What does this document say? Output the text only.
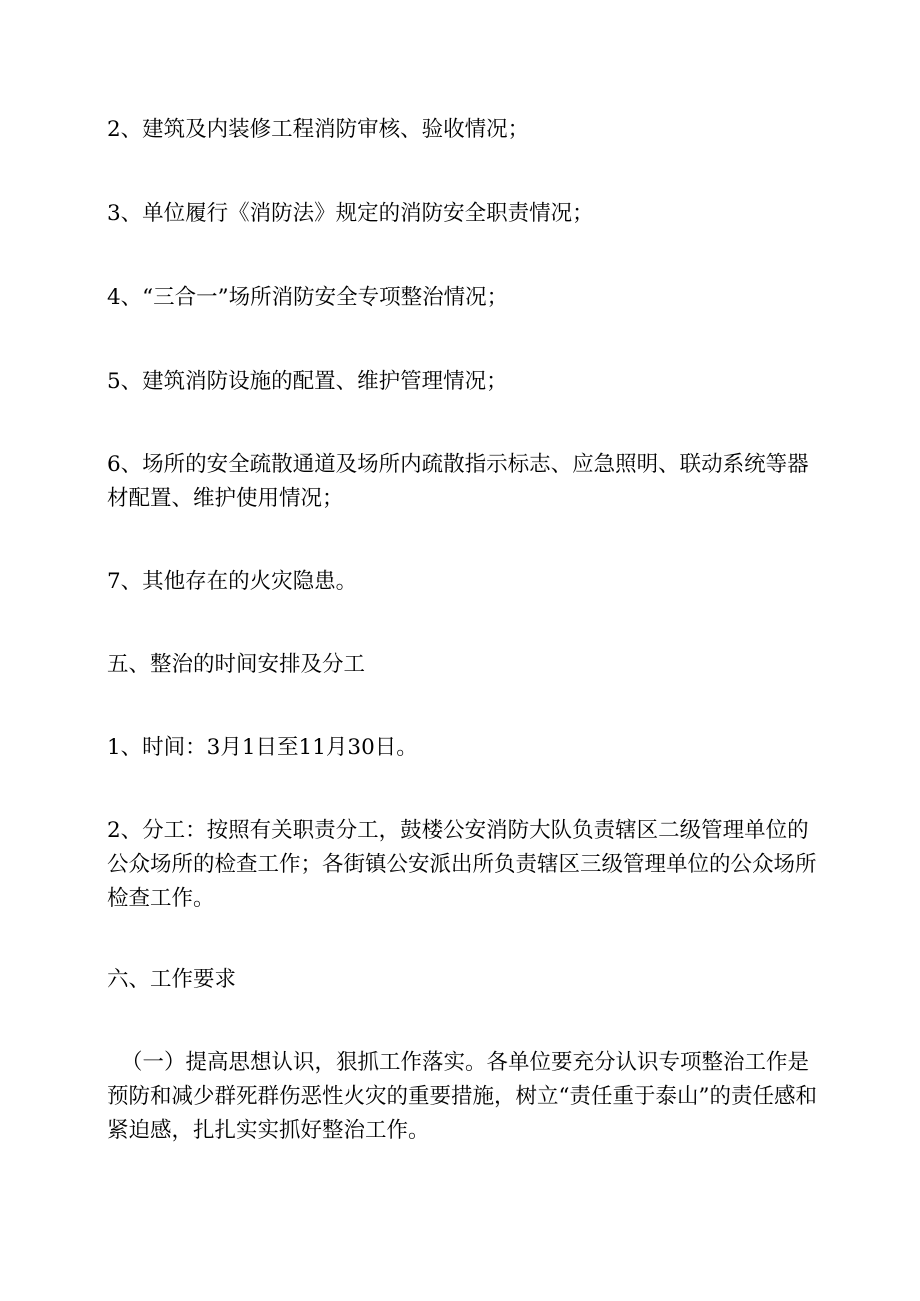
2、建筑及内装修工程消防审核、验收情况；

3、单位履行《消防法》规定的消防安全职责情况；

4、“三合一”场所消防安全专项整治情况；

5、建筑消防设施的配置、维护管理情况；

6、场所的安全疏散通道及场所内疏散指示标志、应急照明、联动系统等器材配置、维护使用情况；

7、其他存在的火灾隐患。

五、整治的时间安排及分工

1、时间：3月1日至11月30日。

2、分工：按照有关职责分工，鼓楼公安消防大队负责辖区二级管理单位的公众场所的检查工作；各街镇公安派出所负责辖区三级管理单位的公众场所检查工作。

六、工作要求

（一）提高思想认识，狠抓工作落实。各单位要充分认识专项整治工作是预防和减少群死群伤恶性火灾的重要措施，树立“责任重于泰山”的责任感和紧迫感，扎扎实实抓好整治工作。
